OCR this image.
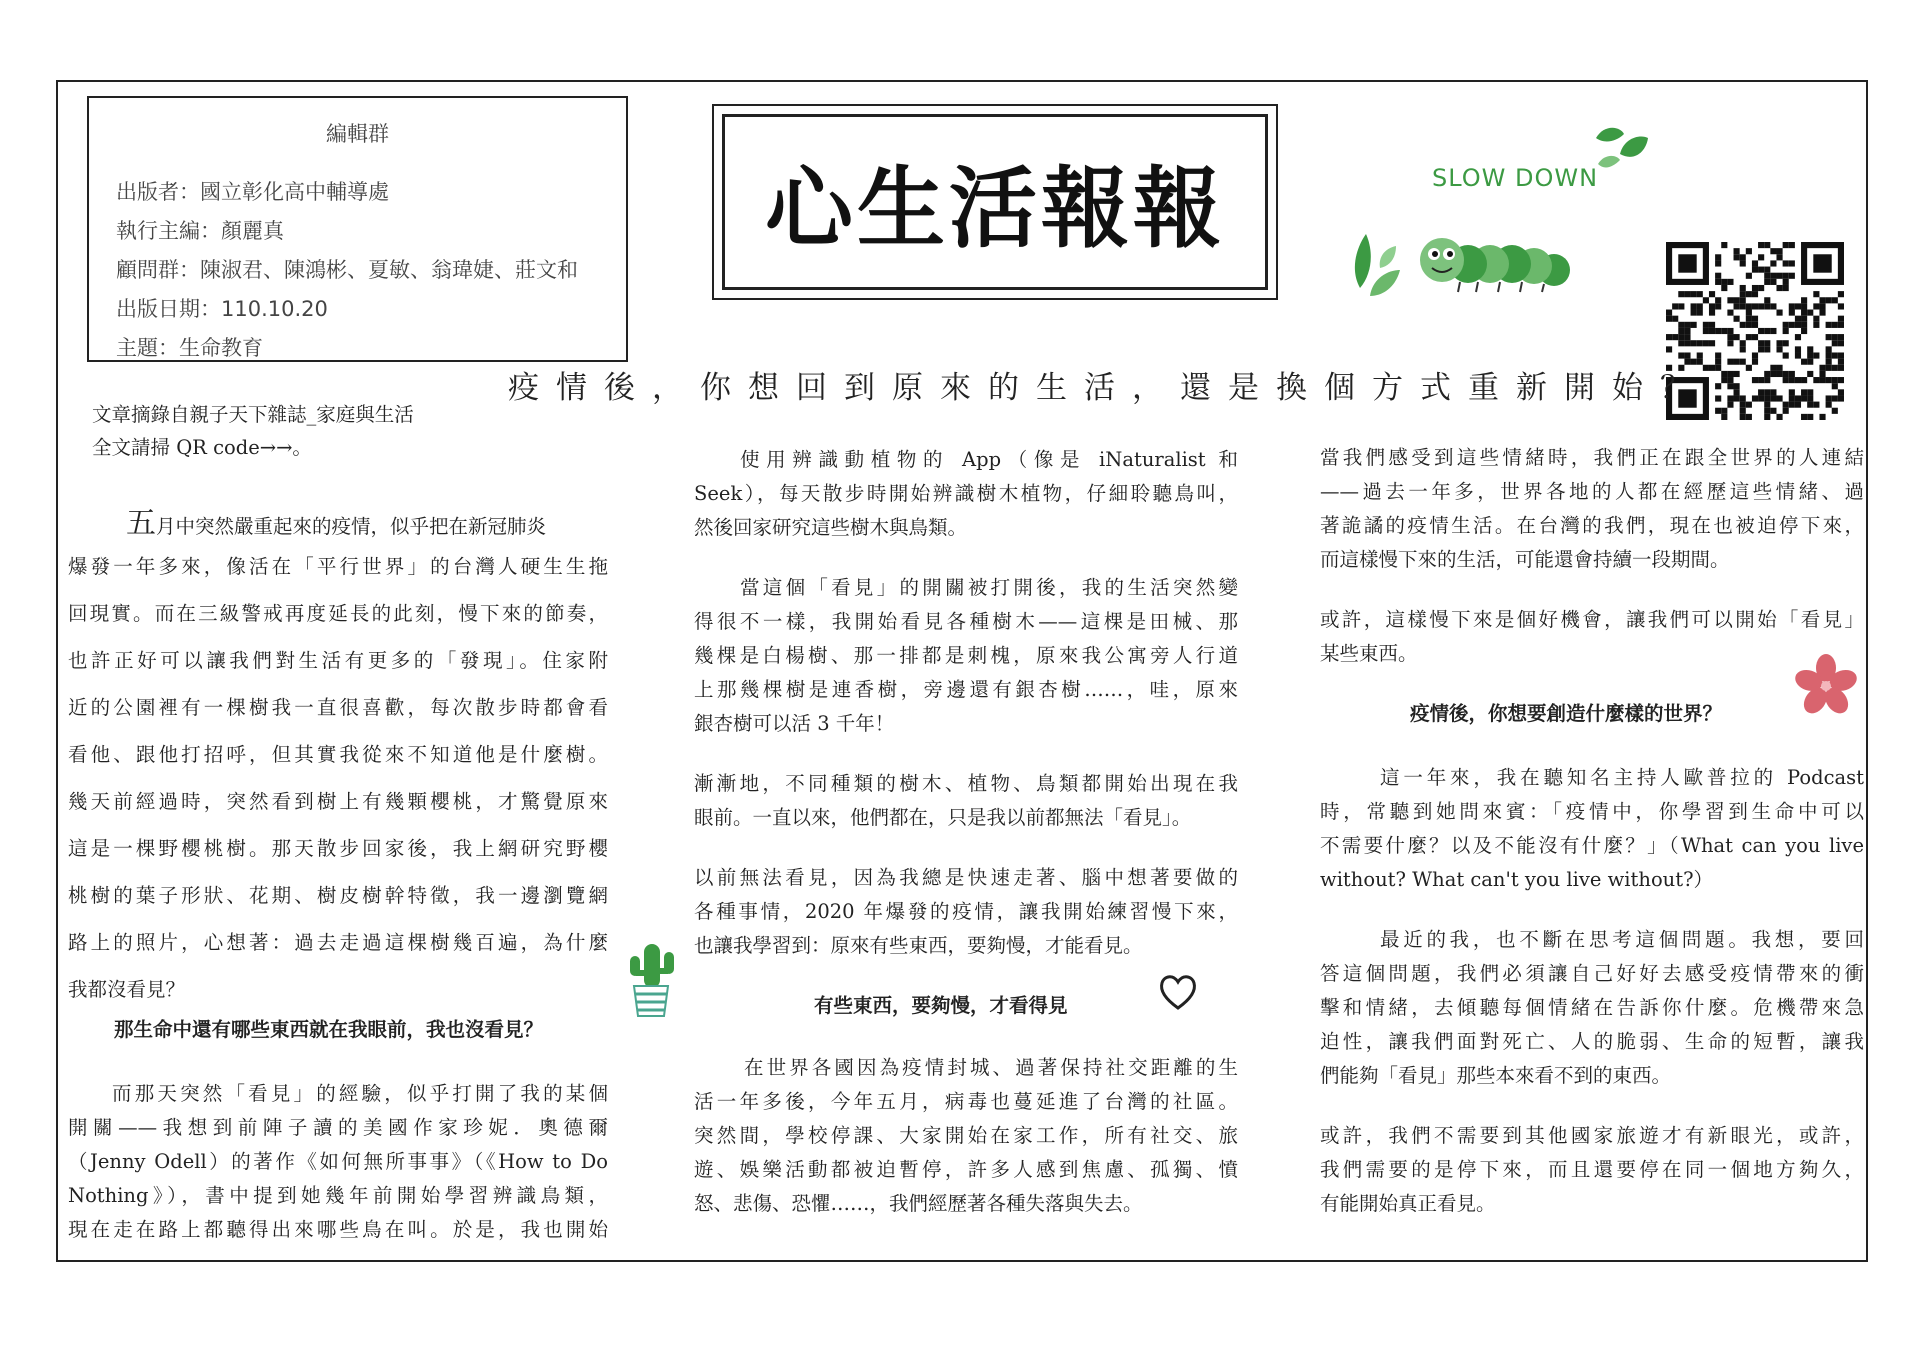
編輯群
出版者：國立彰化高中輔導處
執行主編：顏麗真
顧問群：陳淑君、陳鴻彬、夏敏、翁瑋婕、莊文和
出版日期：110.10.20
主題：生命教育
心生活報報	SLOW DOWN
疫情後，你想回到原來的生活，還是換個方式重新開始？
文章摘錄自親子天下雜誌_家庭與生活
全文請掃 QR code→→。
五月中突然嚴重起來的疫情，似乎把在新冠肺炎
爆發一年多來，像活在「平行世界」的台灣人硬生生拖
回現實。而在三級警戒再度延長的此刻，慢下來的節奏，
也許正好可以讓我們對生活有更多的「發現」。住家附
近的公園裡有一棵樹我一直很喜歡，每次散步時都會看
看他、跟他打招呼，但其實我從來不知道他是什麼樹。
幾天前經過時，突然看到樹上有幾顆櫻桃，才驚覺原來
這是一棵野櫻桃樹。那天散步回家後，我上網研究野櫻
桃樹的葉子形狀、花期、樹皮樹幹特徵，我一邊瀏覽網
路上的照片，心想著：過去走過這棵樹幾百遍，為什麼
我都沒看見？
那生命中還有哪些東西就在我眼前，我也沒看見？
而那天突然「看見」的經驗，似乎打開了我的某個
開關——我想到前陣子讀的美國作家珍妮．奧德爾
（Jenny Odell）的著作《如何無所事事》（《How to Do
Nothing》），書中提到她幾年前開始學習辨識鳥類，
現在走在路上都聽得出來哪些鳥在叫。於是，我也開始
使用辨識動植物的 App（像是 iNaturalist 和
Seek），每天散步時開始辨識樹木植物，仔細聆聽鳥叫，
然後回家研究這些樹木與鳥類。
當這個「看見」的開關被打開後，我的生活突然變
得很不一樣，我開始看見各種樹木——這棵是田械、那
幾棵是白楊樹、那一排都是刺槐，原來我公寓旁人行道
上那幾棵樹是連香樹，旁邊還有銀杏樹……，哇，原來
銀杏樹可以活 3 千年！
漸漸地，不同種類的樹木、植物、鳥類都開始出現在我
眼前。一直以來，他們都在，只是我以前都無法「看見」。
以前無法看見，因為我總是快速走著、腦中想著要做的
各種事情，2020 年爆發的疫情，讓我開始練習慢下來，
也讓我學習到：原來有些東西，要夠慢，才能看見。
有些東西，要夠慢，才看得見
在世界各國因為疫情封城、過著保持社交距離的生
活一年多後，今年五月，病毒也蔓延進了台灣的社區。
突然間，學校停課、大家開始在家工作，所有社交、旅
遊、娛樂活動都被迫暫停，許多人感到焦慮、孤獨、憤
怒、悲傷、恐懼……，我們經歷著各種失落與失去。
當我們感受到這些情緒時，我們正在跟全世界的人連結
——過去一年多，世界各地的人都在經歷這些情緒、過
著詭譎的疫情生活。在台灣的我們，現在也被迫停下來，
而這樣慢下來的生活，可能還會持續一段期間。
或許，這樣慢下來是個好機會，讓我們可以開始「看見」
某些東西。
疫情後，你想要創造什麼樣的世界？
這一年來，我在聽知名主持人歐普拉的 Podcast
時，常聽到她問來賓：「疫情中，你學習到生命中可以
不需要什麼？以及不能沒有什麼？」（What can you live
without? What can't you live without?）
最近的我，也不斷在思考這個問題。我想，要回
答這個問題，我們必須讓自己好好去感受疫情帶來的衝
擊和情緒，去傾聽每個情緒在告訴你什麼。危機帶來急
迫性，讓我們面對死亡、人的脆弱、生命的短暫，讓我
們能夠「看見」那些本來看不到的東西。
或許，我們不需要到其他國家旅遊才有新眼光，或許，
我們需要的是停下來，而且還要停在同一個地方夠久，
有能開始真正看見。
